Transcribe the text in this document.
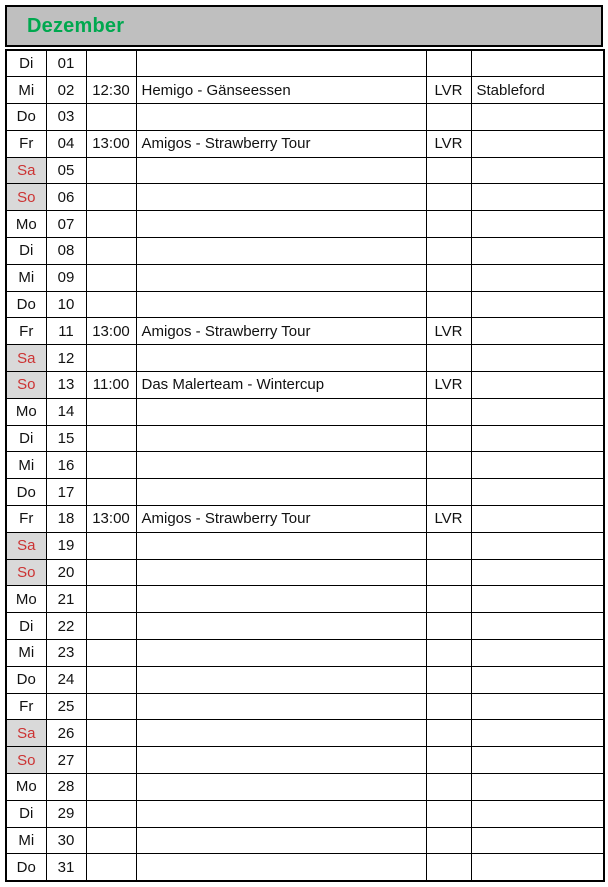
Dezember
Di	01				
Mi	02	12:30	Hemigo - Gänseessen	LVR	Stableford
Do	03				
Fr	04	13:00	Amigos - Strawberry Tour	LVR	
Sa	05				
So	06				
Mo	07				
Di	08				
Mi	09				
Do	10				
Fr	11	13:00	Amigos - Strawberry Tour	LVR	
Sa	12				
So	13	11:00	Das Malerteam - Wintercup	LVR	
Mo	14				
Di	15				
Mi	16				
Do	17				
Fr	18	13:00	Amigos - Strawberry Tour	LVR	
Sa	19				
So	20				
Mo	21				
Di	22				
Mi	23				
Do	24				
Fr	25				
Sa	26				
So	27				
Mo	28				
Di	29				
Mi	30				
Do	31				
